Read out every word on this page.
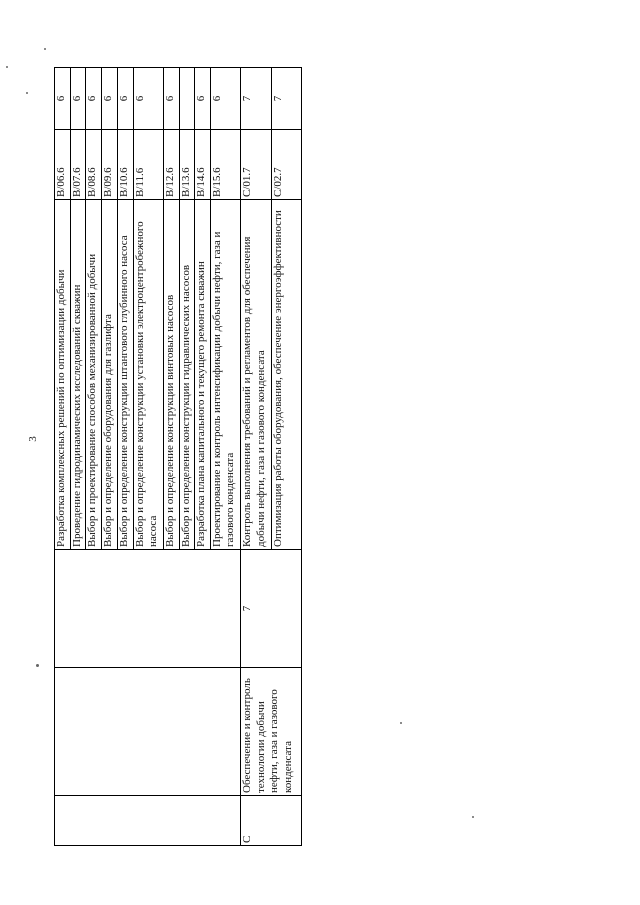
3
			Разработка комплексных решений по оптимизации добычи	B/06.6	6
			Проведение гидродинамических исследований скважин	B/07.6	6
			Выбор и проектирование способов механизированной добычи	B/08.6	6
			Выбор и определение оборудования для газлифта	B/09.6	6
			Выбор и определение конструкции штангового глубинного насоса	B/10.6	6
			Выбор и определение конструкции установки электроцентробежного насоса	B/11.6	6
			Выбор и определение конструкции винтовых насосов	B/12.6	6
			Выбор и определение конструкции гидравлических насосов	B/13.6	
			Разработка плана капитального и текущего ремонта скважин	B/14.6	6
			Проектирование и контроль интенсификации добычи нефти, газа и газового конденсата	B/15.6	6
C	Обеспечение и контроль технологии добычи нефти, газа и газового конденсата	7	Контроль выполнения требований и регламентов для обеспечения добычи нефти, газа и газового конденсата	C/01.7	7
			Оптимизация работы оборудования, обеспечение энергоэффективности	C/02.7	7
